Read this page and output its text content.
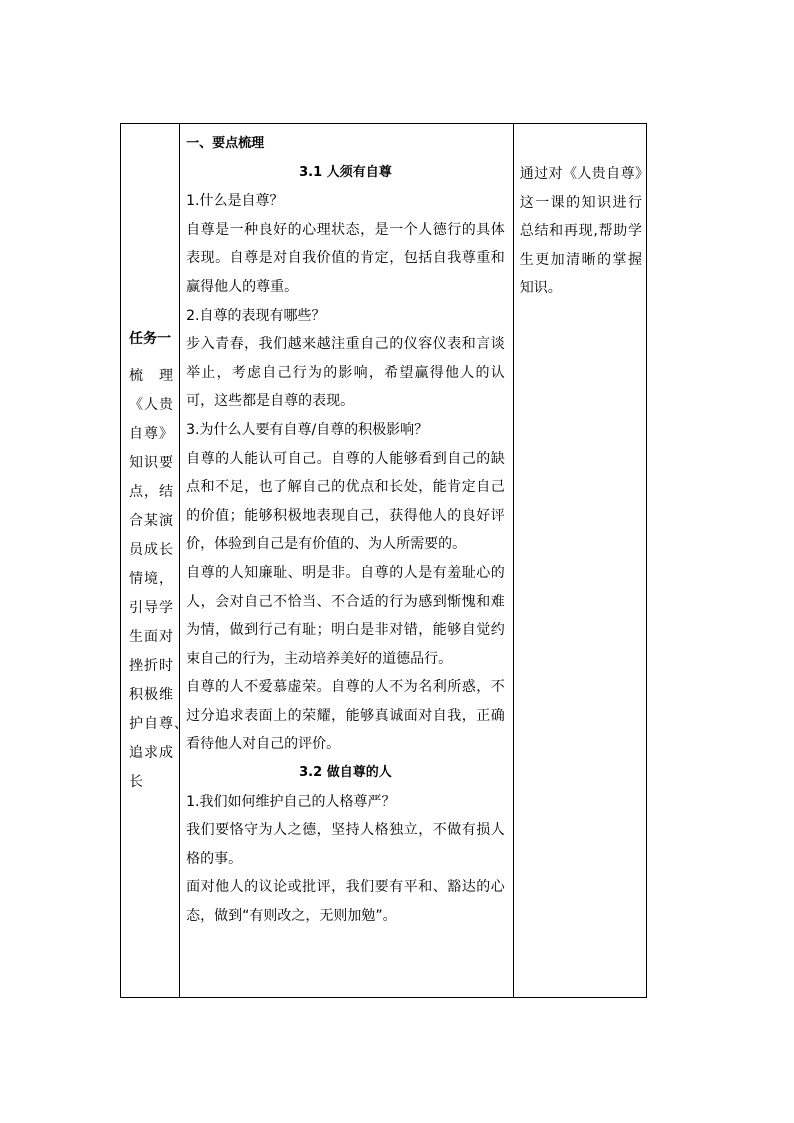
任务一
梳　理
《人贵
自尊》
知识要
点，结
合某演
员成长
情境，
引导学
生面对
挫折时
积极维
护自尊、
追求成
长

一、要点梳理
3.1 人须有自尊
1.什么是自尊？
自尊是一种良好的心理状态，是一个人德行的具体表现。自尊是对自我价值的肯定，包括自我尊重和赢得他人的尊重。
2.自尊的表现有哪些？
步入青春，我们越来越注重自己的仪容仪表和言谈举止，考虑自己行为的影响，希望赢得他人的认可，这些都是自尊的表现。
3.为什么人要有自尊/自尊的积极影响？
自尊的人能认可自己。自尊的人能够看到自己的缺点和不足，也了解自己的优点和长处，能肯定自己的价值；能够积极地表现自己，获得他人的良好评价，体验到自己是有价值的、为人所需要的。
自尊的人知廉耻、明是非。自尊的人是有羞耻心的人，会对自己不恰当、不合适的行为感到惭愧和难为情，做到行己有耻；明白是非对错，能够自觉约束自己的行为，主动培养美好的道德品行。
自尊的人不爱慕虚荣。自尊的人不为名利所惑，不过分追求表面上的荣耀，能够真诚面对自我，正确看待他人对自己的评价。
3.2 做自尊的人
1.我们如何维护自己的人格尊严？
我们要恪守为人之德，坚持人格独立，不做有损人格的事。
面对他人的议论或批评，我们要有平和、豁达的心态，做到“有则改之，无则加勉”。

通过对《人贵自尊》这一课的知识进行总结和再现,帮助学生更加清晰的掌握知识。
